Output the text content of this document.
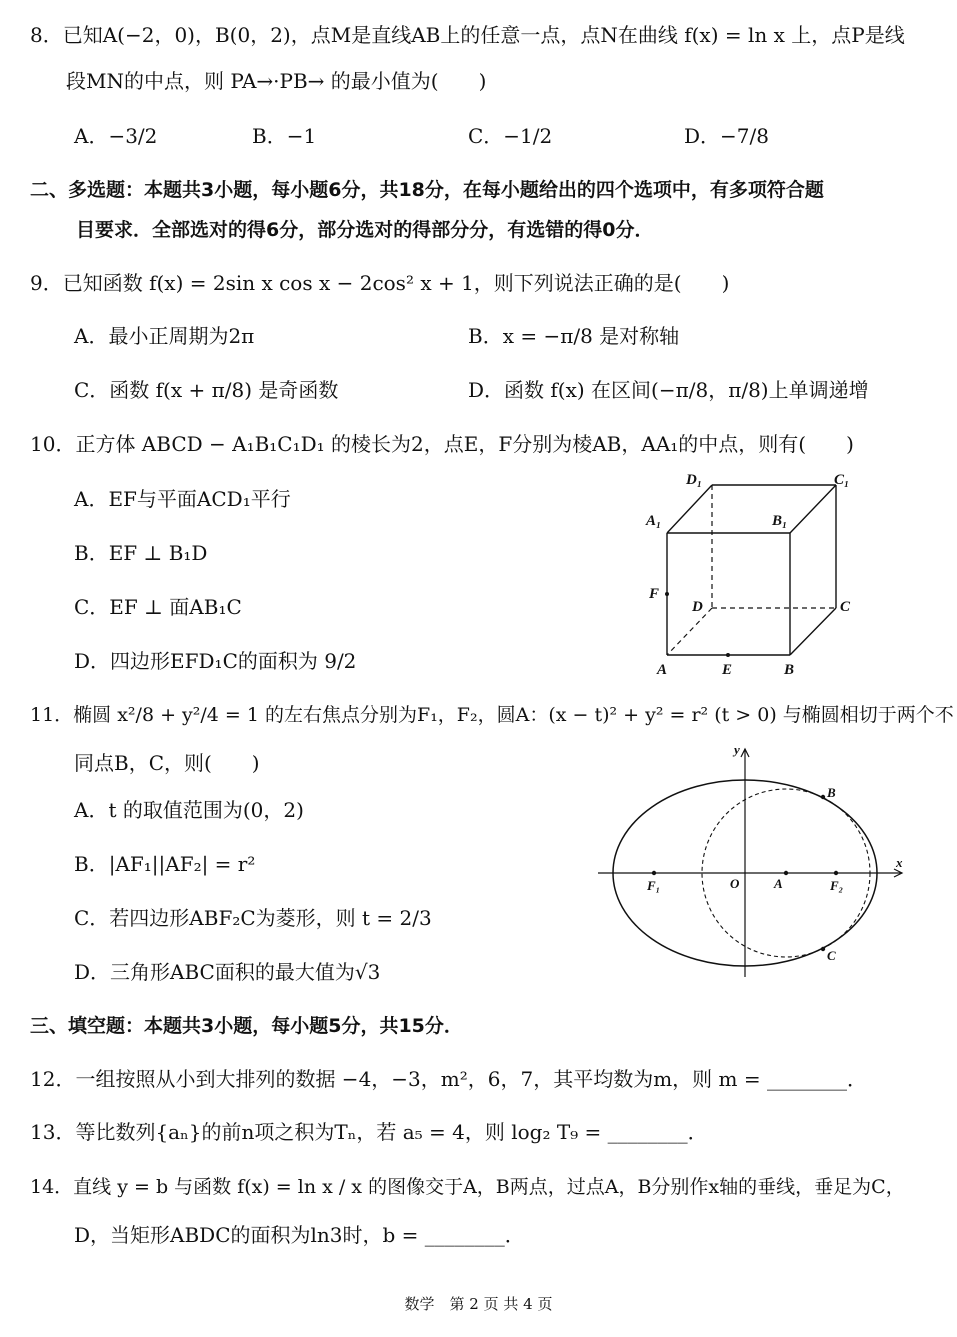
8．已知A(−2，0)，B(0，2)，点M是直线AB上的任意一点，点N在曲线 f(x) = ln x 上，点P是线
段MN的中点，则 PA→·PB→ 的最小值为(　　)
A．−3/2	B．−1	C．−1/2	D．−7/8
二、多选题：本题共3小题，每小题6分，共18分，在每小题给出的四个选项中，有多项符合题
目要求．全部选对的得6分，部分选对的得部分分，有选错的得0分．
9．已知函数 f(x) = 2sin x cos x − 2cos² x + 1，则下列说法正确的是(　　)
A．最小正周期为2π	B．x = −π/8 是对称轴
C．函数 f(x + π/8) 是奇函数	D．函数 f(x) 在区间(−π/8，π/8)上单调递增
10．正方体 ABCD − A₁B₁C₁D₁ 的棱长为2，点E，F分别为棱AB，AA₁的中点，则有(　　)
A．EF与平面ACD₁平行
B．EF ⊥ B₁D
C．EF ⊥ 面AB₁C
D．四边形EFD₁C的面积为 9/2
D₁	C₁
A₁	B₁
F
D	C
A	E	B
11．椭圆 x²/8 + y²/4 = 1 的左右焦点分别为F₁，F₂，圆A：(x − t)² + y² = r² (t > 0) 与椭圆相切于两个不
同点B，C，则(　　)
A．t 的取值范围为(0，2)
B．|AF₁||AF₂| = r²
C．若四边形ABF₂C为菱形，则 t = 2/3
D．三角形ABC面积的最大值为√3
y
x
O	A
F₁	F₂
B
C
三、填空题：本题共3小题，每小题5分，共15分．
12．一组按照从小到大排列的数据 −4，−3，m²，6，7，其平均数为m，则 m = ________．
13．等比数列{aₙ}的前n项之积为Tₙ，若 a₅ = 4，则 log₂ T₉ = ________．
14．直线 y = b 与函数 f(x) = ln x / x 的图像交于A，B两点，过点A，B分别作x轴的垂线，垂足为C，
D，当矩形ABDC的面积为ln3时，b = ________．
数学　第 2 页 共 4 页
